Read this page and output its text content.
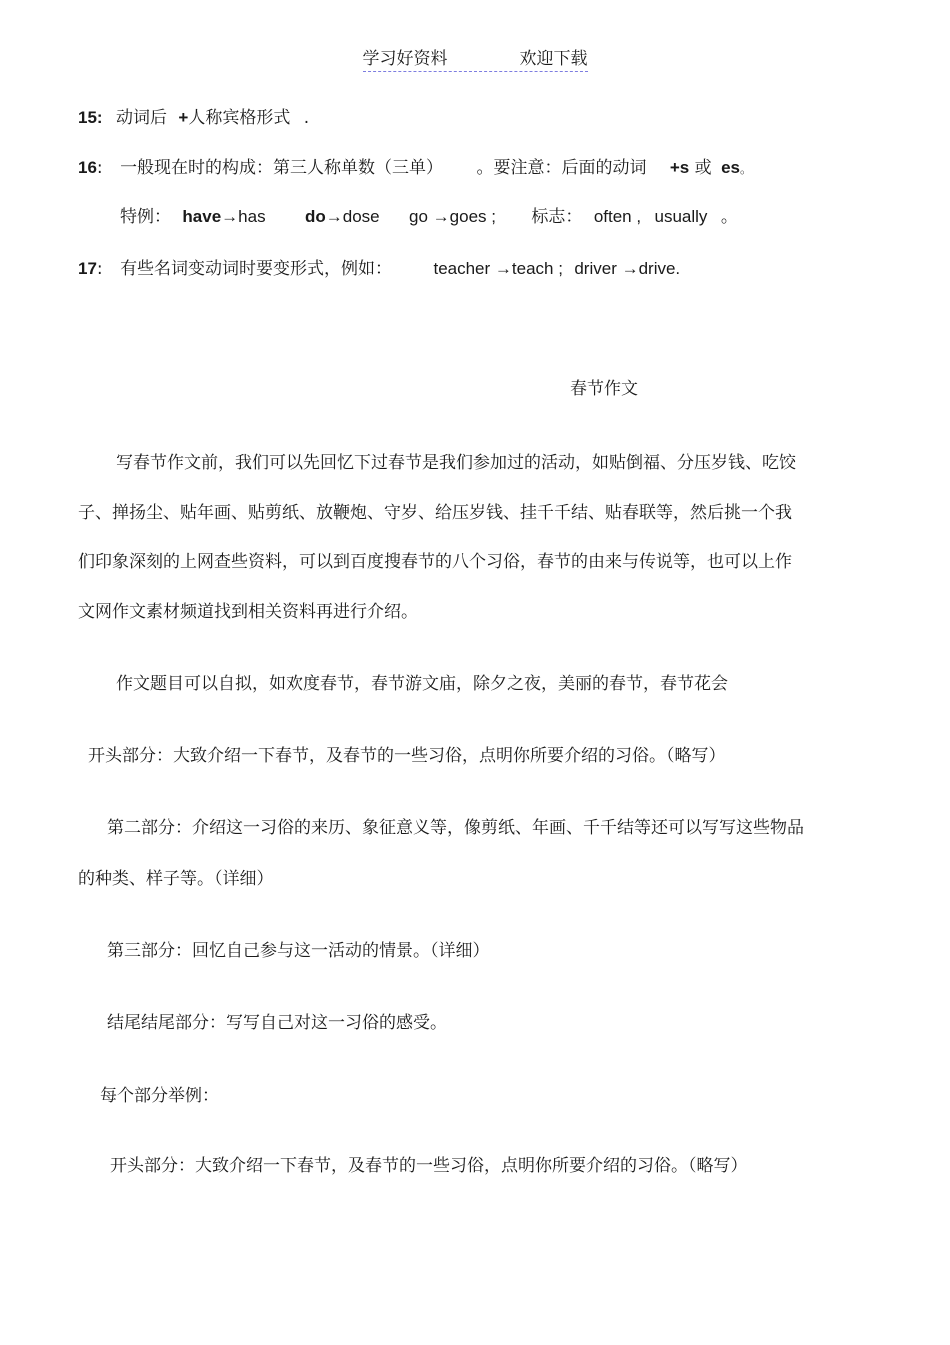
学习好资料	欢迎下载
15: 动词后 +人称宾格形式 .
16: 一般现在时的构成：第三人称单数（三单） 。要注意：后面的动词 +s 或 es。
特例： have→has do→dose go →goes ; 标志： often , usually 。
17: 有些名词变动词时要变形式，例如： teacher →teach ; driver →drive.
春节作文
写春节作文前，我们可以先回忆下过春节是我们参加过的活动，如贴倒福、分压岁钱、吃饺
子、掸扬尘、贴年画、贴剪纸、放鞭炮、守岁、给压岁钱、挂千千结、贴春联等，然后挑一个我
们印象深刻的上网查些资料，可以到百度搜春节的八个习俗，春节的由来与传说等，也可以上作
文网作文素材频道找到相关资料再进行介绍。
作文题目可以自拟，如欢度春节，春节游文庙，除夕之夜，美丽的春节，春节花会
开头部分：大致介绍一下春节，及春节的一些习俗，点明你所要介绍的习俗。（略写）
第二部分：介绍这一习俗的来历、象征意义等，像剪纸、年画、千千结等还可以写写这些物品
的种类、样子等。（详细）
第三部分：回忆自己参与这一活动的情景。（详细）
结尾结尾部分：写写自己对这一习俗的感受。
每个部分举例：
开头部分：大致介绍一下春节，及春节的一些习俗，点明你所要介绍的习俗。（略写）
